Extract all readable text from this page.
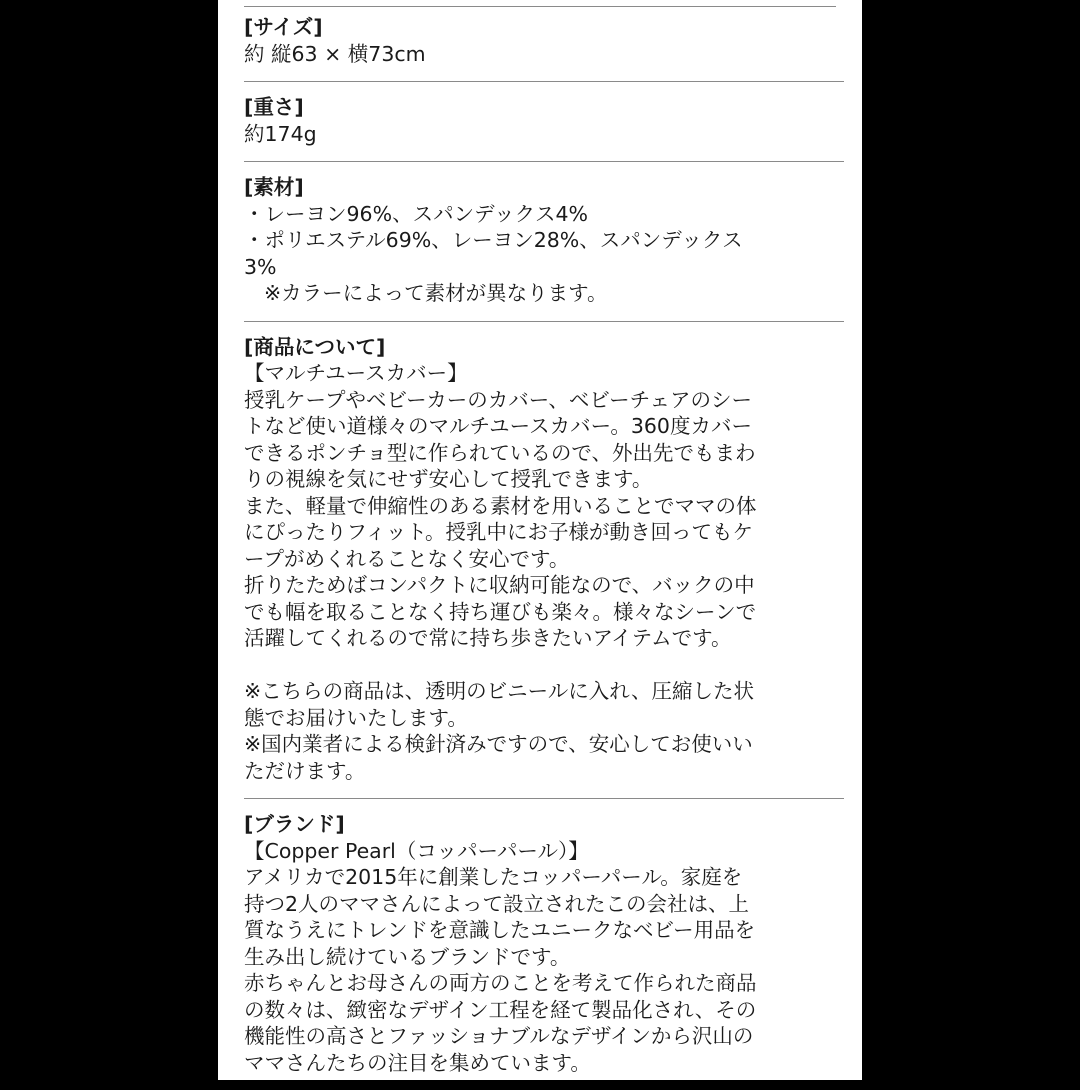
[サイズ]
約 縦63 × 横73cm
[重さ]
約174g
[素材]
・レーヨン96%、スパンデックス4%
・ポリエステル69%、レーヨン28%、スパンデックス
3%
※カラーによって素材が異なります。
[商品について]
【マルチユースカバー】
授乳ケープやベビーカーのカバー、ベビーチェアのシー
トなど使い道様々のマルチユースカバー。360度カバー
できるポンチョ型に作られているので、外出先でもまわ
りの視線を気にせず安心して授乳できます。
また、軽量で伸縮性のある素材を用いることでママの体
にぴったりフィット。授乳中にお子様が動き回ってもケ
ープがめくれることなく安心です。
折りたためばコンパクトに収納可能なので、バックの中
でも幅を取ることなく持ち運びも楽々。様々なシーンで
活躍してくれるので常に持ち歩きたいアイテムです。
※こちらの商品は、透明のビニールに入れ、圧縮した状
態でお届けいたします。
※国内業者による検針済みですので、安心してお使いい
ただけます。
[ブランド]
【Copper Pearl（コッパーパール）】
アメリカで2015年に創業したコッパーパール。家庭を
持つ2人のママさんによって設立されたこの会社は、上
質なうえにトレンドを意識したユニークなベビー用品を
生み出し続けているブランドです。
赤ちゃんとお母さんの両方のことを考えて作られた商品
の数々は、緻密なデザイン工程を経て製品化され、その
機能性の高さとファッショナブルなデザインから沢山の
ママさんたちの注目を集めています。
